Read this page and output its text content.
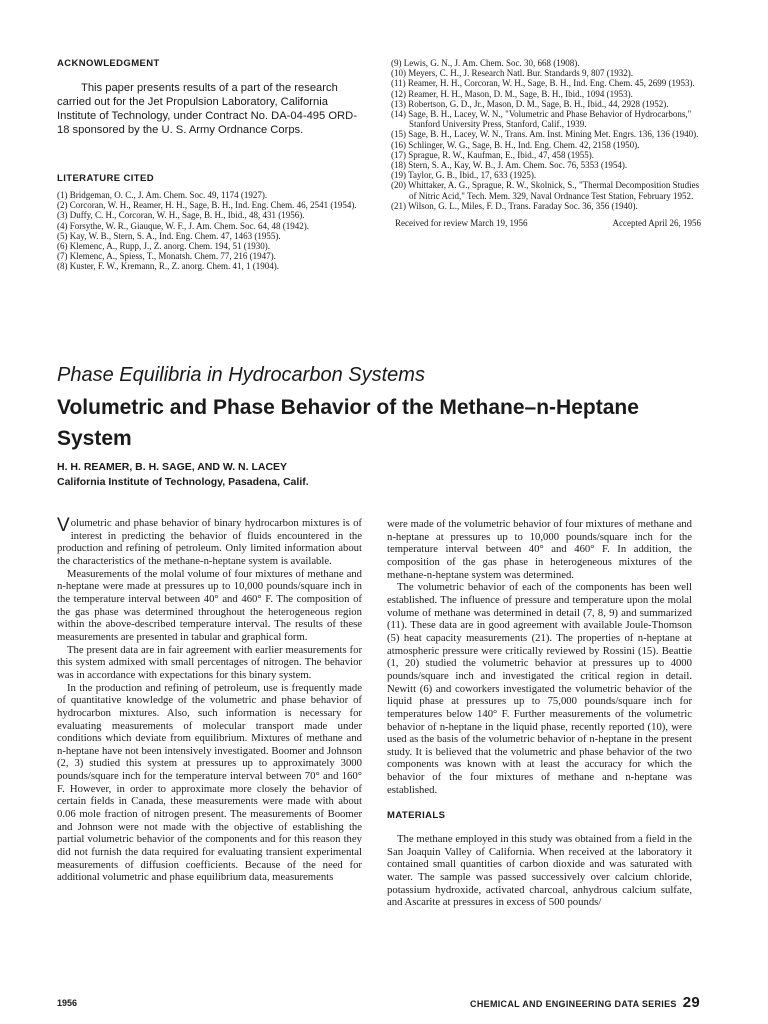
ACKNOWLEDGMENT

This paper presents results of a part of the research carried out for the Jet Propulsion Laboratory, California Institute of Technology, under Contract No. DA-04-495 ORD-18 sponsored by the U. S. Army Ordnance Corps.

LITERATURE CITED
(1) Bridgeman, O. C., J. Am. Chem. Soc. 49, 1174 (1927).
(2) Corcoran, W. H., Reamer, H. H., Sage, B. H., Ind. Eng. Chem. 46, 2541 (1954).
(3) Duffy, C. H., Corcoran, W. H., Sage, B. H., Ibid., 48, 431 (1956).
(4) Forsythe, W. R., Giauque, W. F., J. Am. Chem. Soc. 64, 48 (1942).
(5) Kay, W. B., Stern, S. A., Ind. Eng. Chem. 47, 1463 (1955).
(6) Klemenc, A., Rupp, J., Z. anorg. Chem. 194, 51 (1930).
(7) Klemenc, A., Spiess, T., Monatsh. Chem. 77, 216 (1947).
(8) Kuster, F. W., Kremann, R., Z. anorg. Chem. 41, 1 (1904).
(9) Lewis, G. N., J. Am. Chem. Soc. 30, 668 (1908).
(10) Meyers, C. H., J. Research Natl. Bur. Standards 9, 807 (1932).
(11) Reamer, H. H., Corcoran, W. H., Sage, B. H., Ind. Eng. Chem. 45, 2699 (1953).
(12) Reamer, H. H., Mason, D. M., Sage, B. H., Ibid., 1094 (1953).
(13) Robertson, G. D., Jr., Mason, D. M., Sage, B. H., Ibid., 44, 2928 (1952).
(14) Sage, B. H., Lacey, W. N., "Volumetric and Phase Behavior of Hydrocarbons," Stanford University Press, Stanford, Calif., 1939.
(15) Sage, B. H., Lacey, W. N., Trans. Am. Inst. Mining Met. Engrs. 136, 136 (1940).
(16) Schlinger, W. G., Sage, B. H., Ind. Eng. Chem. 42, 2158 (1950).
(17) Sprague, R. W., Kaufman, E., Ibid., 47, 458 (1955).
(18) Stern, S. A., Kay, W. B., J. Am. Chem. Soc. 76, 5353 (1954).
(19) Taylor, G. B., Ibid., 17, 633 (1925).
(20) Whittaker, A. G., Sprague, R. W., Skolnick, S., "Thermal Decomposition Studies of Nitric Acid," Tech. Mem. 329, Naval Ordnance Test Station, February 1952.
(21) Wilson, G. L., Miles, F. D., Trans. Faraday Soc. 36, 356 (1940).
Received for review March 19, 1956	Accepted April 26, 1956
Phase Equilibria in Hydrocarbon Systems
Volumetric and Phase Behavior of the Methane–n-Heptane System
H. H. REAMER, B. H. SAGE, AND W. N. LACEY
California Institute of Technology, Pasadena, Calif.

Volumetric and phase behavior of binary hydrocarbon mixtures is of interest in predicting the behavior of fluids encountered in the production and refining of petroleum. Only limited information about the characteristics of the methane-n-heptane system is available.

Measurements of the molal volume of four mixtures of methane and n-heptane were made at pressures up to 10,000 pounds/square inch in the temperature interval between 40° and 460° F. The composition of the gas phase was determined throughout the heterogeneous region within the above-described temperature interval. The results of these measurements are presented in tabular and graphical form.

The present data are in fair agreement with earlier measurements for this system admixed with small percentages of nitrogen. The behavior was in accordance with expectations for this binary system.

In the production and refining of petroleum, use is frequently made of quantitative knowledge of the volumetric and phase behavior of hydrocarbon mixtures. Also, such information is necessary for evaluating measurements of molecular transport made under conditions which deviate from equilibrium. Mixtures of methane and n-heptane have not been intensively investigated. Boomer and Johnson (2, 3) studied this system at pressures up to approximately 3000 pounds/square inch for the temperature interval between 70° and 160° F. However, in order to approximate more closely the behavior of certain fields in Canada, these measurements were made with about 0.06 mole fraction of nitrogen present. The measurements of Boomer and Johnson were not made with the objective of establishing the partial volumetric behavior of the components and for this reason they did not furnish the data required for evaluating transient experimental measurements of diffusion coefficients. Because of the need for additional volumetric and phase equilibrium data, measurements

were made of the volumetric behavior of four mixtures of methane and n-heptane at pressures up to 10,000 pounds/square inch for the temperature interval between 40° and 460° F. In addition, the composition of the gas phase in heterogeneous mixtures of the methane-n-heptane system was determined.

The volumetric behavior of each of the components has been well established. The influence of pressure and temperature upon the molal volume of methane was determined in detail (7, 8, 9) and summarized (11). These data are in good agreement with available Joule-Thomson (5) heat capacity measurements (21). The properties of n-heptane at atmospheric pressure were critically reviewed by Rossini (15). Beattie (1, 20) studied the volumetric behavior at pressures up to 4000 pounds/square inch and investigated the critical region in detail. Newitt (6) and coworkers investigated the volumetric behavior of the liquid phase at pressures up to 75,000 pounds/square inch for temperatures below 140° F. Further measurements of the volumetric behavior of n-heptane in the liquid phase, recently reported (10), were used as the basis of the volumetric behavior of n-heptane in the present study. It is believed that the volumetric and phase behavior of the two components was known with at least the accuracy for which the behavior of the four mixtures of methane and n-heptane was established.

MATERIALS

The methane employed in this study was obtained from a field in the San Joaquin Valley of California. When received at the laboratory it contained small quantities of carbon dioxide and was saturated with water. The sample was passed successively over calcium chloride, potassium hydroxide, activated charcoal, anhydrous calcium sulfate, and Ascarite at pressures in excess of 500 pounds/

1956	CHEMICAL AND ENGINEERING DATA SERIES 29
